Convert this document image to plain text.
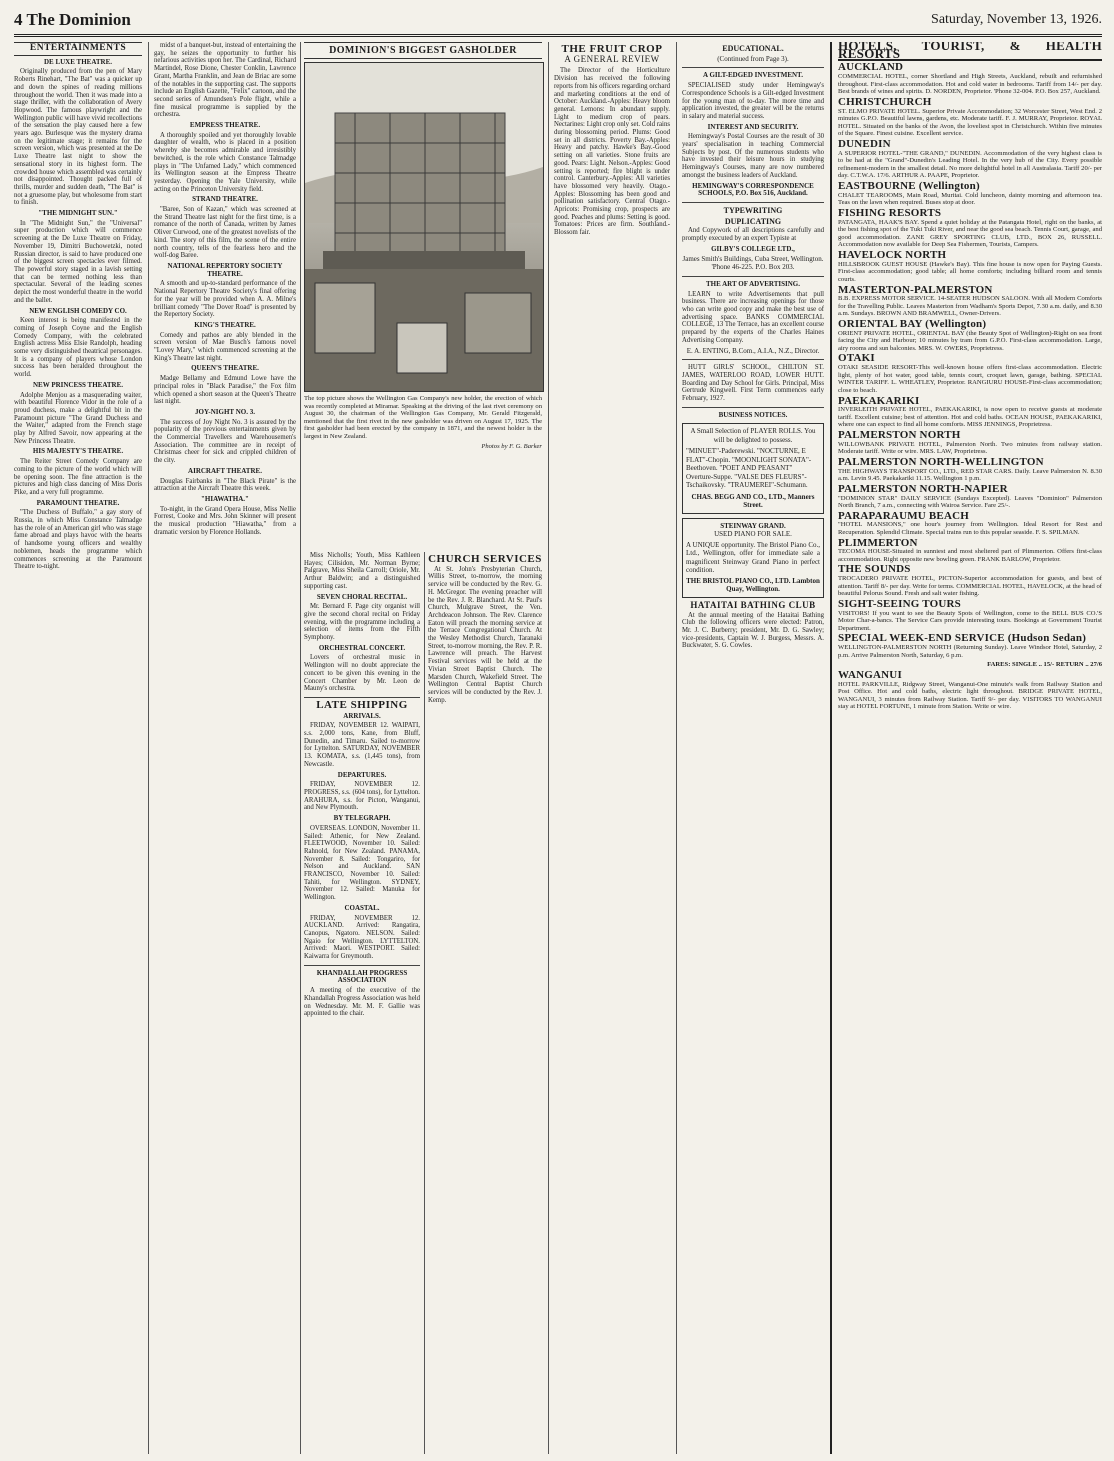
4 The Dominion	Saturday, November 13, 1926.
ENTERTAINMENTS
DE LUXE THEATRE.

Originally produced from the pen of Mary Roberts Rinehart, "The Bat" was a quicker up and down the spines of reading millions throughout the world. Then it was made into a stage thriller, with the collaboration of Avery Hopwood. The famous playwright and the Wellington public will have vivid recollections of the sensation the play caused here a few years ago. Burlesque was the mystery drama on the legitimate stage; it remains for the screen version, which was presented at the De Luxe Theatre last night to show the sensational story in its highest form. The crowded house which assembled was certainly not disappointed. Thought packed full of thrills, murder and sudden death, "The Bat" is not a gruesome play, but wholesome from start to finish.

"THE MIDNIGHT SUN."

In "The Midnight Sun," the "Universal" super production which will commence screening at the De Luxe Theatre on Friday, November 19, Dimitri Buchowetzki, noted Russian director, is said to have produced one of the biggest screen spectacles ever filmed. The powerful story staged in a lavish setting that can be termed nothing less than spectacular. Several of the leading scenes depict the most wonderful theatre in the world and the ballet.

NEW ENGLISH COMEDY CO.

Keen interest is being manifested in the coming of Joseph Coyne and the English Comedy Company, with the celebrated English actress Miss Elsie Randolph, heading some very distinguished theatrical personages. It is a company of players whose London success has been heralded throughout the world.

NEW PRINCESS THEATRE.

Adolphe Menjou as a masquerading waiter, with beautiful Florence Vidor in the role of a proud duchess, make a delightful bit in the Paramount picture "The Grand Duchess and the Waiter," adapted from the French stage play by Alfred Savoir, now appearing at the New Princess Theatre.

HIS MAJESTY'S THEATRE.

The Reiter Street Comedy Company are coming to the picture of the world which will be opening soon. The fine attraction is the pictures and high class dancing of Miss Doris Pike, and a very full programme.

PARAMOUNT THEATRE.

"The Duchess of Buffalo," a gay story of Russia, in which Miss Constance Talmadge has the role of an American girl who was stage fame abroad and plays havoc with the hearts of handsome young officers and wealthy noblemen, heads the programme which commences screening at the Paramount Theatre to-night.

midst of a banquet-but, instead of entertaining the gay, he seizes the opportunity to further his nefarious activities upon her. The Cardinal, Richard Martindel, Rose Dione, Chester Conklin, Lawrence Grant, Martha Franklin, and Jean de Briac are some of the notables in the supporting cast. The supports include an English Gazette, "Felix" cartoon, and the second series of Amundsen's Pole flight, while a fine musical programme is supplied by the orchestra.

EMPRESS THEATRE.

A thoroughly spoiled and yet thoroughly lovable daughter of wealth, who is placed in a position whereby she becomes admirable and irresistibly bewitched, is the role which Constance Talmadge plays in "The Unfamed Lady," which commenced its Wellington season at the Empress Theatre yesterday. Opening the Yale University, while acting on the Princeton University field.

STRAND THEATRE.

"Baree, Son of Kazan," which was screened at the Strand Theatre last night for the first time, is a romance of the north of Canada, written by James Oliver Curwood, one of the greatest novelists of the kind. The story of this film, the scene of the entire north country, tells of the fearless hero and the wolf-dog Baree.

NATIONAL REPERTORY SOCIETY THEATRE.

A smooth and up-to-standard performance of the National Repertory Theatre Society's final offering for the year will be provided when A. A. Milne's brilliant comedy "The Dover Road" is presented by the Repertory Society.

KING'S THEATRE.

Comedy and pathos are ably blended in the screen version of Mae Busch's famous novel "Lovey Mary," which commenced screening at the King's Theatre last night.

QUEEN'S THEATRE.

Madge Bellamy and Edmund Lowe have the principal roles in "Black Paradise," the Fox film which opened a short season at the Queen's Theatre last night.

JOY-NIGHT NO. 3.

The success of Joy Night No. 3 is assured by the popularity of the previous entertainments given by the Commercial Travellers and Warehousemen's Association. The committee are in receipt of Christmas cheer for sick and crippled children of the city.

AIRCRAFT THEATRE.

Douglas Fairbanks in "The Black Pirate" is the attraction at the Aircraft Theatre this week.

"HIAWATHA."

To-night, in the Grand Opera House, Miss Nellie Forrest, Cooke and Mrs. John Skinner will present the musical production "Hiawatha," from a dramatic version by Florence Hollands.

DOMINION'S BIGGEST GASHOLDER
The top picture shows the Wellington Gas Company's new holder, the erection of which was recently completed at Miramar. Speaking at the driving of the last rivet ceremony on August 30, the chairman of the Wellington Gas Company, Mr. Gerald Fitzgerald, mentioned that the first rivet in the new gasholder was driven on August 17, 1925. The first gasholder had been erected by the company in 1871, and the newest holder is the largest in New Zealand.
Photos by F. G. Barker

Miss Nicholls; Youth, Miss Kathleen Hayes; Cilisidon, Mr. Norman Byrne; Palgrave, Miss Sheila Carroll; Oriole, Mr. Arthur Baldwin; and a distinguished supporting cast.

SEVEN CHORAL RECITAL.

Mr. Bernard F. Page city organist will give the second choral recital on Friday evening, with the programme including a selection of items from the Fifth Symphony.

ORCHESTRAL CONCERT.

Lovers of orchestral music in Wellington will no doubt appreciate the concert to be given this evening in the Concert Chamber by Mr. Leon de Mauny's orchestra.

LATE SHIPPING
ARRIVALS.

FRIDAY, NOVEMBER 12. WAIPATI, s.s. 2,000 tons, Kane, from Bluff, Dunedin, and Timaru. Sailed to-morrow for Lyttelton. SATURDAY, NOVEMBER 13. KOMATA, s.s. (1,445 tons), from Newcastle.

DEPARTURES.

FRIDAY, NOVEMBER 12. PROGRESS, s.s. (604 tons), for Lyttelton. ARAHURA, s.s. for Picton, Wanganui, and New Plymouth.

BY TELEGRAPH.

OVERSEAS. LONDON, November 11. Sailed: Athenic, for New Zealand. FLEETWOOD, November 10. Sailed: Rahnold, for New Zealand. PANAMA, November 8. Sailed: Tongariro, for Nelson and Auckland. SAN FRANCISCO, November 10. Sailed: Tahiti, for Wellington. SYDNEY, November 12. Sailed: Manuka for Wellington.

COASTAL.

FRIDAY, NOVEMBER 12. AUCKLAND. Arrived: Rangatira, Canopus, Ngatoro. NELSON. Sailed: Ngaio for Wellington. LYTTELTON. Arrived: Maori. WESTPORT. Sailed: Kaiwarra for Greymouth.

KHANDALLAH PROGRESS ASSOCIATION

A meeting of the executive of the Khandallah Progress Association was held on Wednesday. Mr. M. F. Gallie was appointed to the chair.

CHURCH SERVICES

At St. John's Presbyterian Church, Willis Street, to-morrow, the morning service will be conducted by the Rev. G. H. McGregor. The evening preacher will be the Rev. J. R. Blanchard. At St. Paul's Church, Mulgrave Street, the Ven. Archdeacon Johnson. The Rev. Clarence Eaton will preach the morning service at the Terrace Congregational Church. At the Wesley Methodist Church, Taranaki Street, to-morrow morning, the Rev. P. R. Lawrence will preach. The Harvest Festival services will be held at the Vivian Street Baptist Church. The Marsden Church, Wakefield Street. The Wellington Central Baptist Church services will be conducted by the Rev. J. Kemp.

THE FRUIT CROP
A GENERAL REVIEW

The Director of the Horticulture Division has received the following reports from his officers regarding orchard and marketing conditions at the end of October: Auckland.-Apples: Heavy bloom general. Lemons: In abundant supply. Light to medium crop of pears. Nectarines: Light crop only set. Cold rains during blossoming period. Plums: Good set in all districts. Poverty Bay.-Apples: Heavy and patchy. Hawke's Bay.-Good setting on all varieties. Stone fruits are good. Pears: Light. Nelson.-Apples: Good setting is reported; fire blight is under control. Canterbury.-Apples: All varieties have blossomed very heavily. Otago.-Apples: Blossoming has been good and pollination satisfactory. Central Otago.-Apricots: Promising crop, prospects are good. Peaches and plums: Setting is good. Tomatoes: Prices are firm. Southland.-Blossom fair.

EDUCATIONAL.
(Continued from Page 3).
A GILT-EDGED INVESTMENT.

SPECIALISED study under Hemingway's Correspondence Schools is a Gilt-edged Investment for the young man of to-day. The more time and application invested, the greater will be the returns in salary and material success.

INTEREST AND SECURITY.

Hemingway's Postal Courses are the result of 30 years' specialisation in teaching Commercial Subjects by post. Of the numerous students who have invested their leisure hours in studying Hemingway's Courses, many are now numbered amongst the business leaders of Auckland.

HEMINGWAY'S CORRESPONDENCE SCHOOLS, P.O. Box 516, Auckland.
TYPEWRITING
DUPLICATING

And Copywork of all descriptions carefully and promptly executed by an expert Typiste at

GILBY'S COLLEGE LTD.,
James Smith's Buildings, Cuba Street, Wellington. 'Phone 46-225. P.O. Box 203.
THE ART OF ADVERTISING.

LEARN to write Advertisements that pull business. There are increasing openings for those who can write good copy and make the best use of advertising space. BANKS COMMERCIAL COLLEGE, 13 The Terrace, has an excellent course prepared by the experts of the Charles Haines Advertising Company.

E. A. ENTING, B.Com., A.I.A., N.Z., Director.

HUTT GIRLS' SCHOOL, CHILTON ST. JAMES, WATERLOO ROAD, LOWER HUTT. Boarding and Day School for Girls. Principal, Miss Gertrude Kingwell. First Term commences early February, 1927.

BUSINESS NOTICES.
A Small Selection of PLAYER ROLLS. You will be delighted to possess.
"MINUET"-Paderewski. "NOCTURNE, E FLAT"-Chopin. "MOONLIGHT SONATA"-Beethoven. "POET AND PEASANT" Overture-Suppe. "VALSE DES FLEURS"-Tschaikovsky. "TRAUMEREI"-Schumann.
CHAS. BEGG AND CO., LTD., Manners Street.
STEINWAY GRAND.
USED PIANO FOR SALE.
A UNIQUE opportunity. The Bristol Piano Co., Ltd., Wellington, offer for immediate sale a magnificent Steinway Grand Piano in perfect condition.
THE BRISTOL PIANO CO., LTD. Lambton Quay, Wellington.
HATAITAI BATHING CLUB

At the annual meeting of the Hataitai Bathing Club the following officers were elected: Patron, Mr. J. C. Burberry; president, Mr. D. G. Sawley; vice-presidents, Captain W. J. Burgess, Messrs. A. Buckwater, S. G. Cowles.

HOTELS, TOURIST, & HEALTH RESORTS
AUCKLAND
COMMERCIAL HOTEL, corner Shortland and High Streets, Auckland, rebuilt and refurnished throughout. First-class accommodation. Hot and cold water in bedrooms. Tariff from 14/- per day. Best brands of wines and spirits. D. NORDEN, Proprietor. 'Phone 32-004. P.O. Box 257, Auckland.
CHRISTCHURCH
ST. ELMO PRIVATE HOTEL. Superior Private Accommodation; 32 Worcester Street, West End. 2 minutes G.P.O. Beautiful lawns, gardens, etc. Moderate tariff. F. J. MURRAY, Proprietor. ROYAL HOTEL. Situated on the banks of the Avon, the loveliest spot in Christchurch. Within five minutes of the Square. Finest cuisine. Excellent service.
DUNEDIN
A SUPERIOR HOTEL-"THE GRAND," DUNEDIN. Accommodation of the very highest class is to be had at the "Grand"-Dunedin's Leading Hotel. In the very hub of the City. Every possible refinement-modern in the smallest detail. No more delightful hotel in all Australasia. Tariff 20/- per day. C.T.W.A. 17/6. ARTHUR A. PAAPE, Proprietor.
EASTBOURNE (Wellington)
CHALET TEAROOMS, Main Road, Muritai. Cold luncheon, dainty morning and afternoon tea. Teas on the lawn when required. Buses stop at door.
FISHING RESORTS
PATANGATA, HAAK'S BAY. Spend a quiet holiday at the Patangata Hotel, right on the banks, at the best fishing spot of the Tuki Tuki River, and near the good sea beach. Tennis Court, garage, and good accommodation. ZANE GREY SPORTING CLUB, LTD., BOX 26, RUSSELL. Accommodation now available for Deep Sea Fishermen, Tourists, Campers.
HAVELOCK NORTH
HILLSBROOK GUEST HOUSE (Hawke's Bay). This fine house is now open for Paying Guests. First-class accommodation; good table; all home comforts; including billiard room and tennis courts.
MASTERTON-PALMERSTON
B.B. EXPRESS MOTOR SERVICE. 14-SEATER HUDSON SALOON. With all Modern Comforts for the Travelling Public. Leaves Masterton from Wadham's Sports Depot, 7.30 a.m. daily, and 8.30 a.m. Sundays. BROWN AND BRAMWELL, Owner-Drivers.
ORIENTAL BAY (Wellington)
ORIENT PRIVATE HOTEL, ORIENTAL BAY (the Beauty Spot of Wellington)-Right on sea front facing the City and Harbour; 10 minutes by tram from G.P.O. First-class accommodation. Large, airy rooms and sun balconies. MRS. W. OWERS, Proprietress.
OTAKI
OTAKI SEASIDE RESORT-This well-known house offers first-class accommodation. Electric light, plenty of hot water, good table, tennis court, croquet lawn, garage, bathing. SPECIAL WINTER TARIFF. L. WHEATLEY, Proprietor. RANGIURU HOUSE-First-class accommodation; close to beach.
PAEKAKARIKI
INVERLEITH PRIVATE HOTEL, PAEKAKARIKI, is now open to receive guests at moderate tariff. Excellent cuisine; best of attention. Hot and cold baths. OCEAN HOUSE, PAEKAKARIKI, where one can expect to find all home comforts. MISS JENNINGS, Proprietress.
PALMERSTON NORTH
WILLOWBANK PRIVATE HOTEL, Palmerston North. Two minutes from railway station. Moderate tariff. Write or wire. MRS. LAW, Proprietress.
PALMERSTON NORTH-WELLINGTON
THE HIGHWAYS TRANSPORT CO., LTD., RED STAR CARS. Daily. Leave Palmerston N. 8.30 a.m. Levin 9.45. Paekakariki 11.15. Wellington 1 p.m.
PALMERSTON NORTH-NAPIER
"DOMINION STAR" DAILY SERVICE (Sundays Excepted). Leaves "Dominion" Palmerston North Branch, 7 a.m., connecting with Wairoa Service. Fare 25/-.
PARAPARAUMU BEACH
"HOTEL MANSIONS," one hour's journey from Wellington. Ideal Resort for Rest and Recuperation. Splendid Climate. Special trains run to this popular seaside. F. S. SPILMAN.
PLIMMERTON
TECOMA HOUSE-Situated in sunniest and most sheltered part of Plimmerton. Offers first-class accommodation. Right opposite new bowling green. FRANK BARLOW, Proprietor.
THE SOUNDS
TROCADERO PRIVATE HOTEL, PICTON-Superior accommodation for guests, and best of attention. Tariff 8/- per day. Write for terms. COMMERCIAL HOTEL, HAVELOCK, at the head of beautiful Pelorus Sound. Fresh and salt water fishing.
SIGHT-SEEING TOURS
VISITORS! If you want to see the Beauty Spots of Wellington, come to the BELL BUS CO.'S Motor Char-a-bancs. The Service Cars provide interesting tours. Bookings at Government Tourist Department.
SPECIAL WEEK-END SERVICE (Hudson Sedan)
WELLINGTON-PALMERSTON NORTH (Returning Sunday). Leave Windsor Hotel, Saturday, 2 p.m. Arrive Palmerston North, Saturday, 6 p.m.
FARES: SINGLE .. 15/- RETURN .. 27/6
WANGANUI
HOTEL PARKVILLE, Ridgway Street, Wanganui-One minute's walk from Railway Station and Post Office. Hot and cold baths, electric light throughout. BRIDGE PRIVATE HOTEL, WANGANUI, 3 minutes from Railway Station. Tariff 9/- per day. VISITORS TO WANGANUI stay at HOTEL FORTUNE, 1 minute from Station. Write or wire.
